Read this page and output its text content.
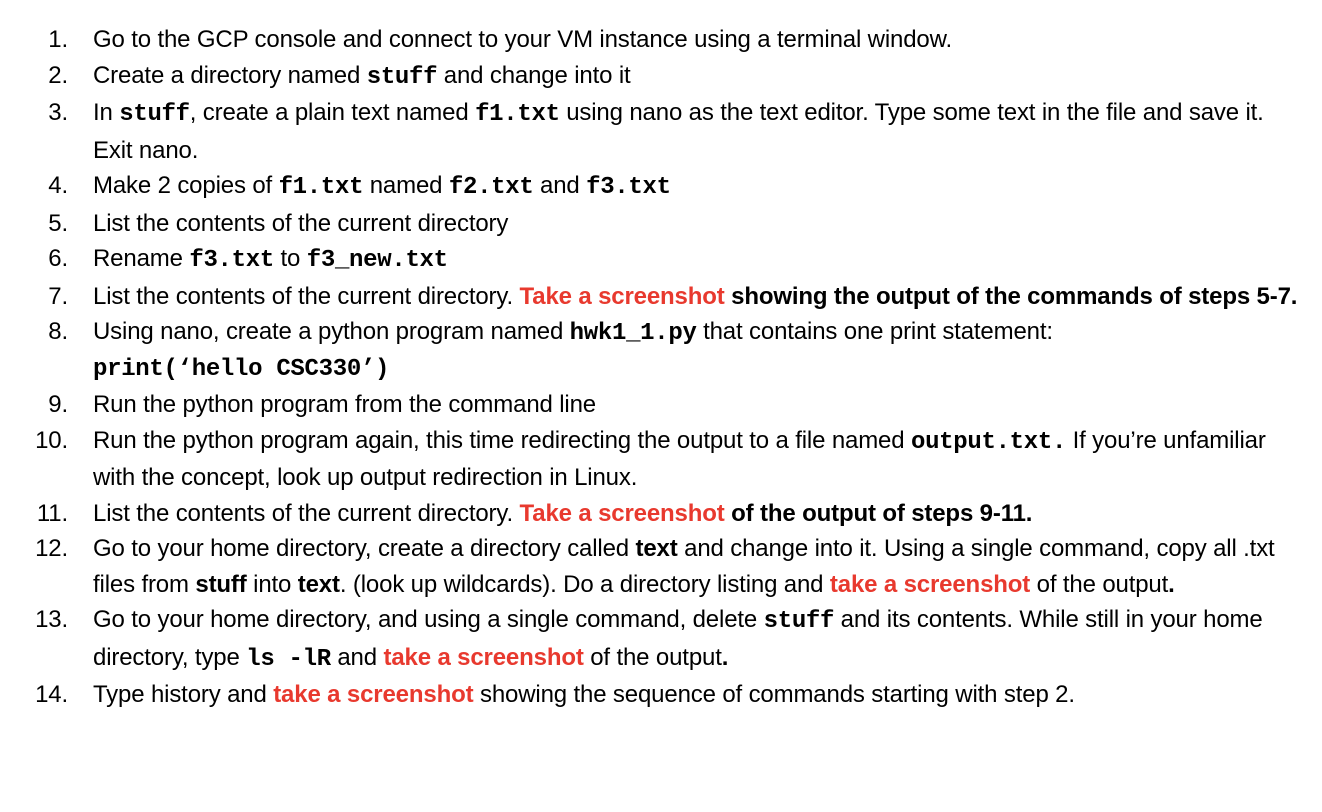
1. Go to the GCP console and connect to your VM instance using a terminal window.
2. Create a directory named stuff and change into it
3. In stuff, create a plain text named f1.txt using nano as the text editor. Type some text in the file and save it. Exit nano.
4. Make 2 copies of f1.txt named f2.txt and f3.txt
5. List the contents of the current directory
6. Rename f3.txt to f3_new.txt
7. List the contents of the current directory. Take a screenshot showing the output of the commands of steps 5-7.
8. Using nano, create a python program named hwk1_1.py that contains one print statement:
print(‘hello CSC330’)
9. Run the python program from the command line
10. Run the python program again, this time redirecting the output to a file named output.txt. If you’re unfamiliar with the concept, look up output redirection in Linux.
11. List the contents of the current directory. Take a screenshot of the output of steps 9-11.
12. Go to your home directory, create a directory called text and change into it. Using a single command, copy all .txt files from stuff into text. (look up wildcards). Do a directory listing and take a screenshot of the output.
13. Go to your home directory, and using a single command, delete stuff and its contents. While still in your home directory, type ls -lR and take a screenshot of the output.
14. Type history and take a screenshot showing the sequence of commands starting with step 2.
